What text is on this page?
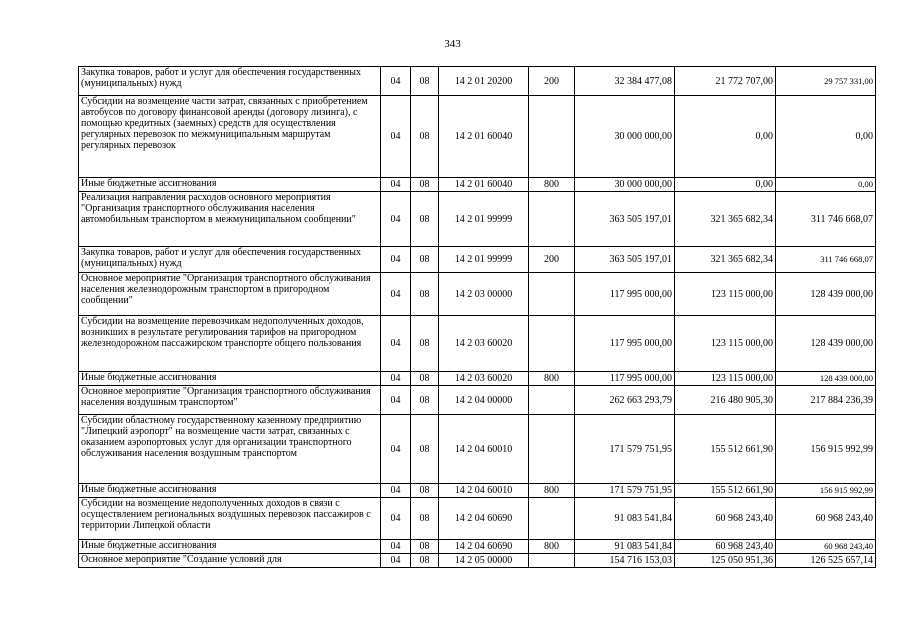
343
Закупка товаров, работ и услуг для обеспечения государственных (муниципальных) нужд	04	08	14 2 01 20200	200	32 384 477,08	21 772 707,00	29 757 331,00
Субсидии на возмещение части затрат, связанных с приобретением автобусов по договору финансовой аренды (договору лизинга), с помощью кредитных (заемных) средств для осуществления регулярных перевозок по межмуниципальным маршрутам регулярных перевозок	04	08	14 2 01 60040		30 000 000,00	0,00	0,00
Иные бюджетные ассигнования	04	08	14 2 01 60040	800	30 000 000,00	0,00	0,00
Реализация направления расходов основного мероприятия "Организация транспортного обслуживания населения автомобильным транспортом в межмуниципальном сообщении"	04	08	14 2 01 99999		363 505 197,01	321 365 682,34	311 746 668,07
Закупка товаров, работ и услуг для обеспечения государственных (муниципальных) нужд	04	08	14 2 01 99999	200	363 505 197,01	321 365 682,34	311 746 668,07
Основное мероприятие "Организация транспортного обслуживания населения железнодорожным транспортом в пригородном сообщении"	04	08	14 2 03 00000		117 995 000,00	123 115 000,00	128 439 000,00
Субсидии на возмещение перевозчикам недополученных доходов, возникших в результате регулирования тарифов на пригородном железнодорожном пассажирском транспорте общего пользования	04	08	14 2 03 60020		117 995 000,00	123 115 000,00	128 439 000,00
Иные бюджетные ассигнования	04	08	14 2 03 60020	800	117 995 000,00	123 115 000,00	128 439 000,00
Основное мероприятие "Организация транспортного обслуживания населения воздушным транспортом"	04	08	14 2 04 00000		262 663 293,79	216 480 905,30	217 884 236,39
Субсидии областному государственному казенному предприятию "Липецкий аэропорт" на возмещение части затрат, связанных с оказанием аэропортовых услуг для организации транспортного обслуживания населения воздушным транспортом	04	08	14 2 04 60010		171 579 751,95	155 512 661,90	156 915 992,99
Иные бюджетные ассигнования	04	08	14 2 04 60010	800	171 579 751,95	155 512 661,90	156 915 992,99
Субсидии на возмещение недополученных доходов в связи с осуществлением региональных воздушных перевозок пассажиров с территории Липецкой области	04	08	14 2 04 60690		91 083 541,84	60 968 243,40	60 968 243,40
Иные бюджетные ассигнования	04	08	14 2 04 60690	800	91 083 541,84	60 968 243,40	60 968 243,40
Основное мероприятие "Создание условий для	04	08	14 2 05 00000		154 716 153,03	125 050 951,36	126 525 657,14
